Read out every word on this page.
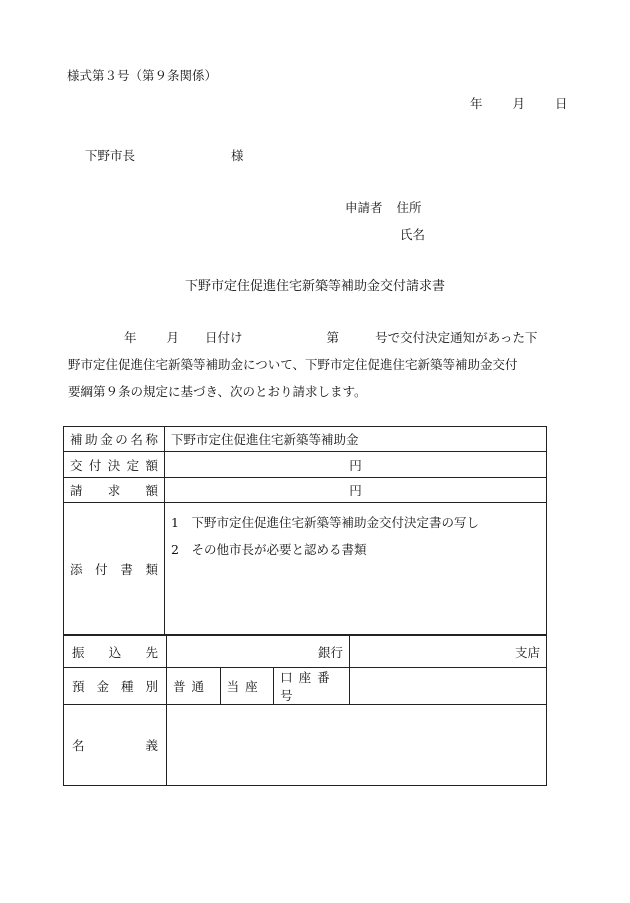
様式第３号（第９条関係）
年 月 日
下野市長	様
申請者 住所
氏名
下野市定住促進住宅新築等補助金交付請求書
年 月 日付け	第	号で交付決定通知があった下
野市定住促進住宅新築等補助金について、下野市定住促進住宅新築等補助金交付
要綱第９条の規定に基づき、次のとおり請求します。
補助金の名称	下野市定住促進住宅新築等補助金
交付決定額	円
請求額	円
添付書類	1　下野市定住促進住宅新築等補助金交付決定書の写し
2　その他市長が必要と認める書類
振込先	銀行			支店
預金種別	普通	当座	口座番号	
名義				
